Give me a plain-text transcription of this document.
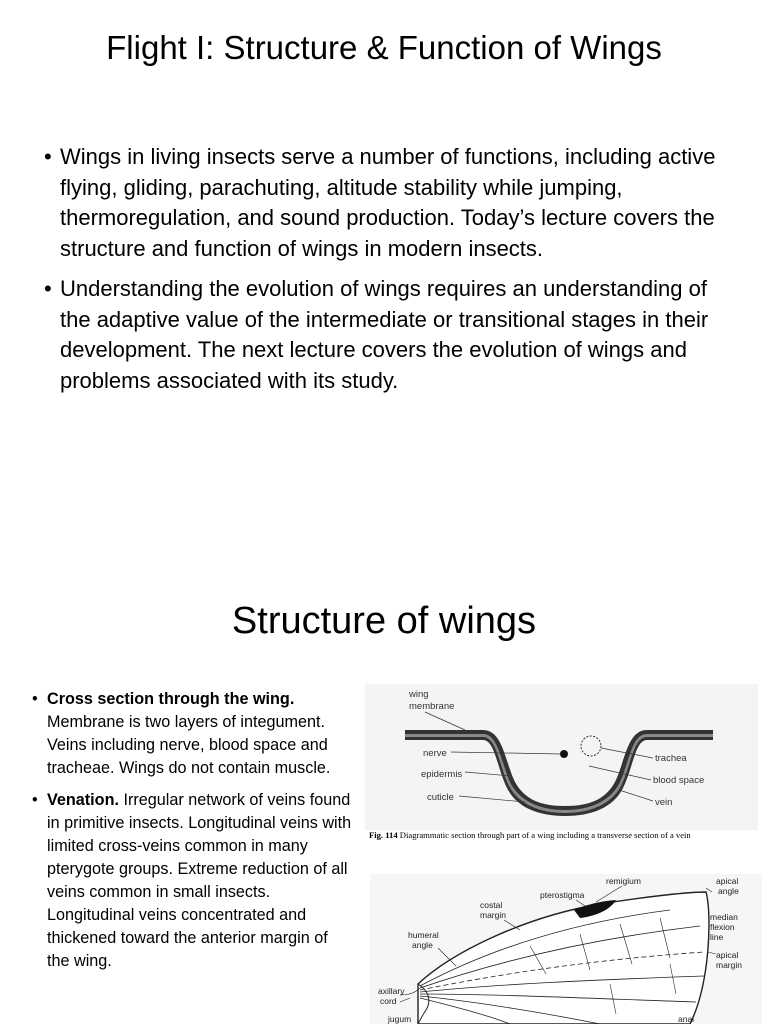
Flight I: Structure & Function of Wings
• Wings in living insects serve a number of functions, including active flying, gliding, parachuting, altitude stability while jumping, thermoregulation, and sound production. Today’s lecture covers the structure and function of wings in modern insects.
• Understanding the evolution of wings requires an understanding of the adaptive value of the intermediate or transitional stages in their development. The next lecture covers the evolution of wings and problems associated with its study.
Structure of wings
• Cross section through the wing. Membrane is two layers of integument. Veins including nerve, blood space and tracheae. Wings do not contain muscle.
• Venation. Irregular network of veins found in primitive insects. Longitudinal veins with limited cross-veins common in many pterygote groups. Extreme reduction of all veins common in small insects. Longitudinal veins concentrated and thickened toward the anterior margin of the wing.
wing
membrane
nerve
epidermis
cuticle
trachea
blood space
vein
Fig. 114 Diagrammatic section through part of a wing including a transverse section of a vein
remigium	apical
angle
pterostigma
costal
margin	median
flexion
line
humeral
angle
apical
margin
axillary
cord
jugum	anal
